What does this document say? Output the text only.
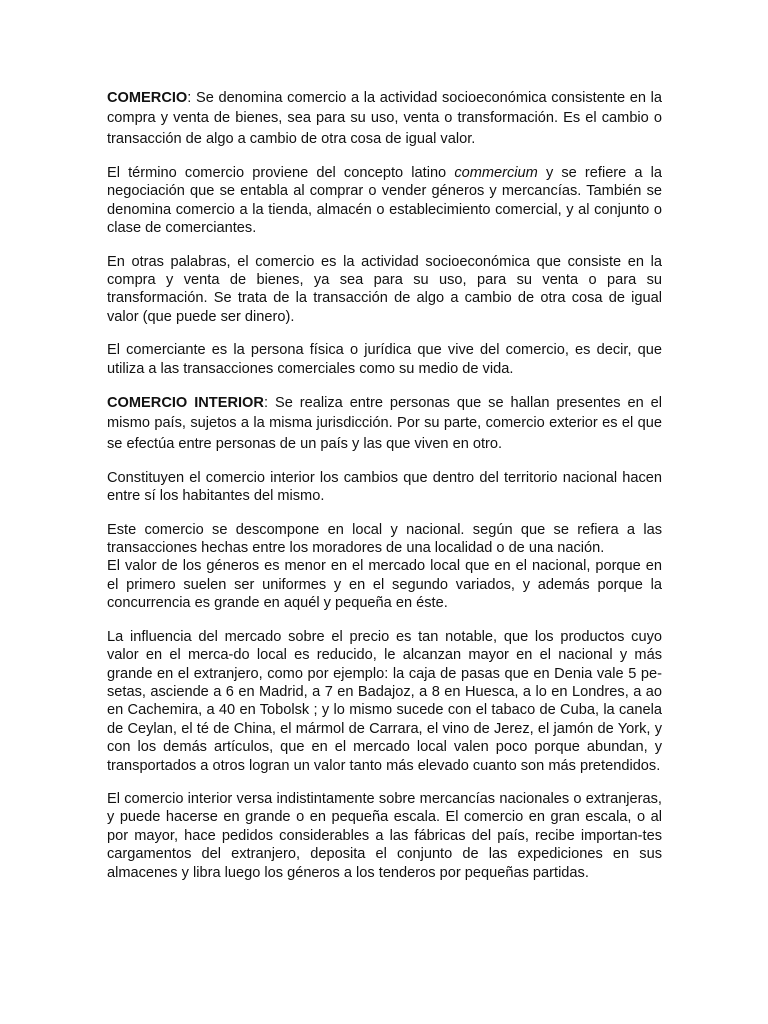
COMERCIO: Se denomina comercio a la actividad socioeconómica consistente en la compra y venta de bienes, sea para su uso, venta o transformación. Es el cambio o transacción de algo a cambio de otra cosa de igual valor.

El término comercio proviene del concepto latino commercium y se refiere a la negociación que se entabla al comprar o vender géneros y mercancías. También se denomina comercio a la tienda, almacén o establecimiento comercial, y al conjunto o clase de comerciantes.

En otras palabras, el comercio es la actividad socioeconómica que consiste en la compra y venta de bienes, ya sea para su uso, para su venta o para su transformación. Se trata de la transacción de algo a cambio de otra cosa de igual valor (que puede ser dinero).

El comerciante es la persona física o jurídica que vive del comercio, es decir, que utiliza a las transacciones comerciales como su medio de vida.

COMERCIO INTERIOR: Se realiza entre personas que se hallan presentes en el mismo país, sujetos a la misma jurisdicción. Por su parte, comercio exterior es el que se efectúa entre personas de un país y las que viven en otro.

Constituyen el comercio interior los cambios que dentro del territorio nacional hacen entre sí los habitantes del mismo.

Este comercio se descompone en local y nacional. según que se refiera a las transacciones hechas entre los moradores de una localidad o de una nación.

El valor de los géneros es menor en el mercado local que en el nacional, porque en el primero suelen ser uniformes y en el segundo variados, y además porque la concurrencia es grande en aquél y pequeña en éste.

La influencia del mercado sobre el precio es tan notable, que los productos cuyo valor en el merca-do local es reducido, le alcanzan mayor en el nacional y más grande en el extranjero, como por ejemplo: la caja de pasas que en Denia vale 5 pe-setas, asciende a 6 en Madrid, a 7 en Badajoz, a 8 en Huesca, a lo en Londres, a ao en Cachemira, a 40 en Tobolsk ; y lo mismo sucede con el tabaco de Cuba, la canela de Ceylan, el té de China, el mármol de Carrara, el vino de Jerez, el jamón de York, y con los demás artículos, que en el mercado local valen poco porque abundan, y transportados a otros logran un valor tanto más elevado cuanto son más pretendidos.

El comercio interior versa indistintamente sobre mercancías nacionales o extranjeras, y puede hacerse en grande o en pequeña escala. El comercio en gran escala, o al por mayor, hace pedidos considerables a las fábricas del país, recibe importan-tes cargamentos del extranjero, deposita el conjunto de las expediciones en sus almacenes y libra luego los géneros a los tenderos por pequeñas partidas.
